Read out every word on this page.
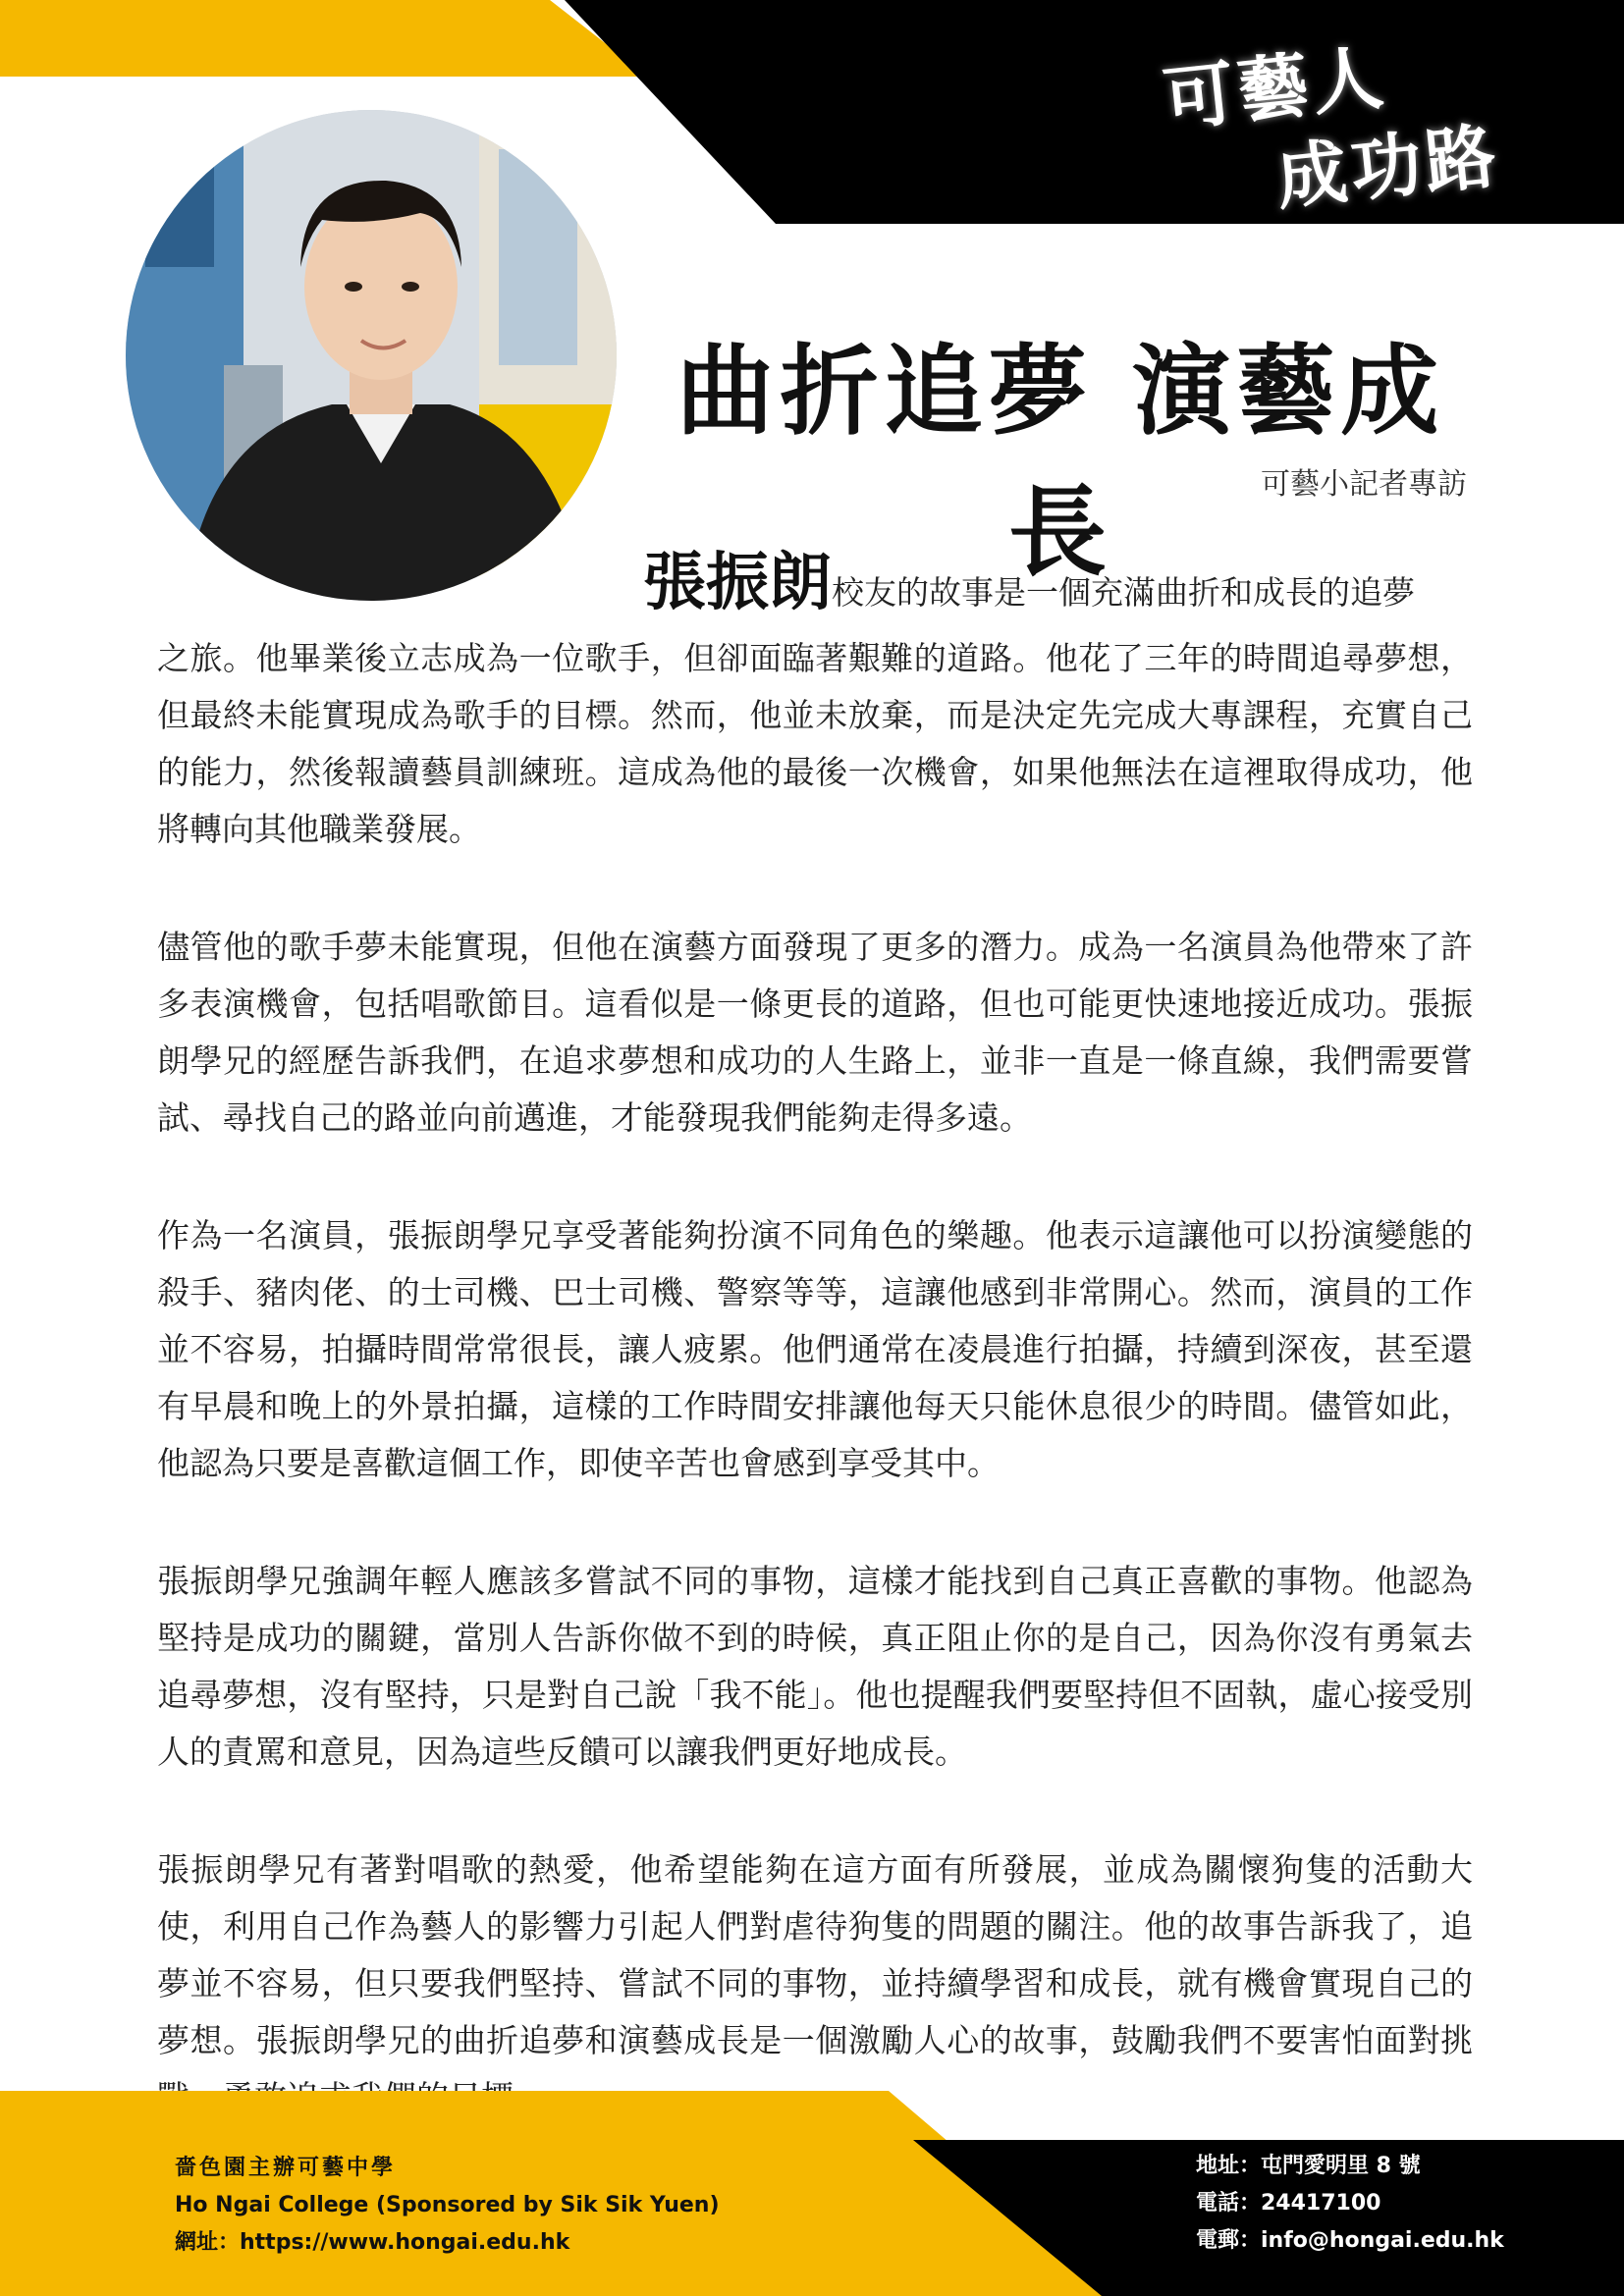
可藝人
成功路
曲折追夢 演藝成長	可藝小記者專訪
張振朗校友的故事是一個充滿曲折和成長的追夢

之旅。他畢業後立志成為一位歌手，但卻面臨著艱難的道路。他花了三年的時間追尋夢想，但最終未能實現成為歌手的目標。然而，他並未放棄，而是決定先完成大專課程，充實自己的能力，然後報讀藝員訓練班。這成為他的最後一次機會，如果他無法在這裡取得成功，他將轉向其他職業發展。

儘管他的歌手夢未能實現，但他在演藝方面發現了更多的潛力。成為一名演員為他帶來了許多表演機會，包括唱歌節目。這看似是一條更長的道路，但也可能更快速地接近成功。張振朗學兄的經歷告訴我們，在追求夢想和成功的人生路上，並非一直是一條直線，我們需要嘗試、尋找自己的路並向前邁進，才能發現我們能夠走得多遠。

作為一名演員，張振朗學兄享受著能夠扮演不同角色的樂趣。他表示這讓他可以扮演變態的殺手、豬肉佬、的士司機、巴士司機、警察等等，這讓他感到非常開心。然而，演員的工作並不容易，拍攝時間常常很長，讓人疲累。他們通常在凌晨進行拍攝，持續到深夜，甚至還有早晨和晚上的外景拍攝，這樣的工作時間安排讓他每天只能休息很少的時間。儘管如此，他認為只要是喜歡這個工作，即使辛苦也會感到享受其中。

張振朗學兄強調年輕人應該多嘗試不同的事物，這樣才能找到自己真正喜歡的事物。他認為堅持是成功的關鍵，當別人告訴你做不到的時候，真正阻止你的是自己，因為你沒有勇氣去追尋夢想，沒有堅持，只是對自己說「我不能」。他也提醒我們要堅持但不固執，虛心接受別人的責罵和意見，因為這些反饋可以讓我們更好地成長。

張振朗學兄有著對唱歌的熱愛，他希望能夠在這方面有所發展，並成為關懷狗隻的活動大使，利用自己作為藝人的影響力引起人們對虐待狗隻的問題的關注。他的故事告訴我了，追夢並不容易，但只要我們堅持、嘗試不同的事物，並持續學習和成長，就有機會實現自己的夢想。張振朗學兄的曲折追夢和演藝成長是一個激勵人心的故事，鼓勵我們不要害怕面對挑

嗇色園主辦可藝中學
Ho Ngai College (Sponsored by Sik Sik Yuen)
網址：https://www.hongai.edu.hk
地址：屯門愛明里 8 號
電話：24417100
電郵：info@hongai.edu.hk
